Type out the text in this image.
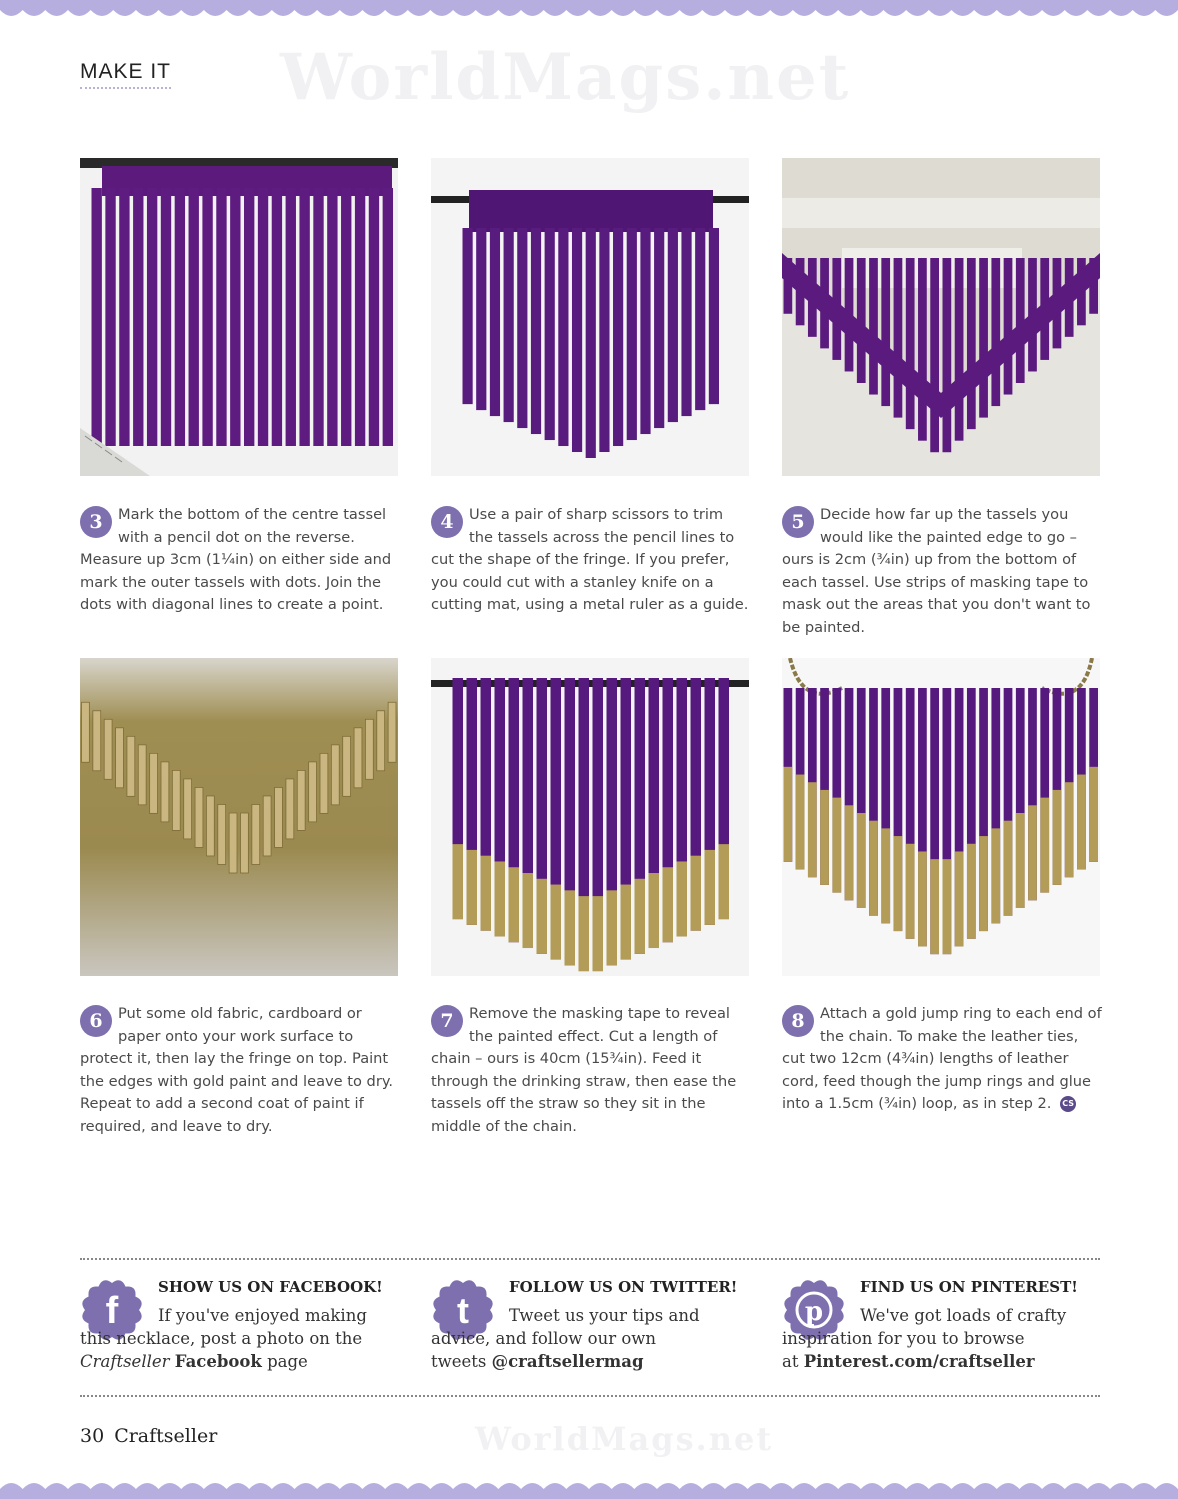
WorldMags.net
MAKE IT
3	Mark the bottom of the centre tassel with a pencil dot on the reverse. Measure up 3cm (1¼in) on either side and mark the outer tassels with dots. Join the dots with diagonal lines to create a point.
4	Use a pair of sharp scissors to trim the tassels across the pencil lines to cut the shape of the fringe. If you prefer, you could cut with a stanley knife on a cutting mat, using a metal ruler as a guide.
5	Decide how far up the tassels you would like the painted edge to go – ours is 2cm (¾in) up from the bottom of each tassel. Use strips of masking tape to mask out the areas that you don't want to be painted.
6	Put some old fabric, cardboard or paper onto your work surface to protect it, then lay the fringe on top. Paint the edges with gold paint and leave to dry. Repeat to add a second coat of paint if required, and leave to dry.
7	Remove the masking tape to reveal the painted effect. Cut a length of chain – ours is 40cm (15¾in). Feed it through the drinking straw, then ease the tassels off the straw so they sit in the middle of the chain.
8	Attach a gold jump ring to each end of the chain. To make the leather ties, cut two 12cm (4¾in) lengths of leather cord, feed though the jump rings and glue into a 1.5cm (¾in) loop, as in step 2. CS
f
SHOW US ON FACEBOOK!
If you've enjoyed making this necklace, post a photo on the
Craftseller Facebook page
t
FOLLOW US ON TWITTER!
Tweet us your tips and advice, and follow our own
tweets @craftsellermag
p
FIND US ON PINTEREST!
We've got loads of crafty inspiration for you to browse
at Pinterest.com/craftseller
30 Craftseller	WorldMags.net
